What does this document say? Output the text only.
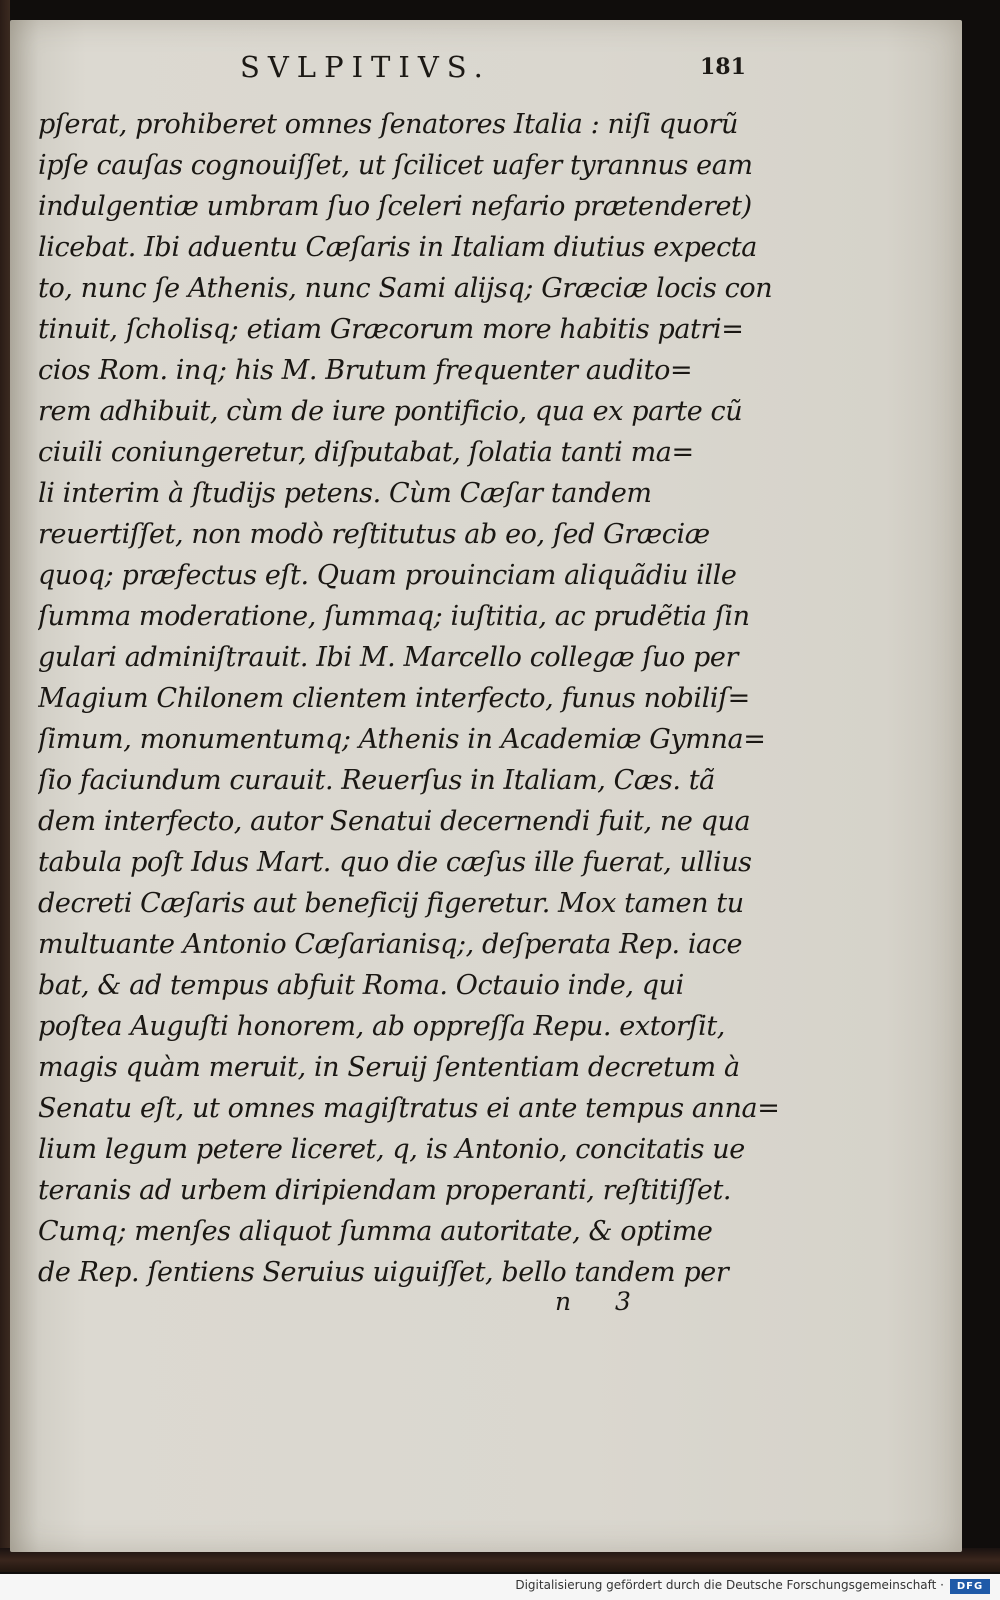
SVLPITIVS.	181
pſerat, prohiberet omnes ſenatores Italia : niſi quorũ
ipſe cauſas cognouiſſet, ut ſcilicet uafer tyrannus eam
indulgentiæ umbram ſuo ſceleri nefario prætenderet)
licebat. Ibi aduentu Cæſaris in Italiam diutius expecta
to, nunc ſe Athenis, nunc Sami alijsq; Græciæ locis con
tinuit, ſcholisq; etiam Græcorum more habitis patri=
cios Rom. inq; his M. Brutum frequenter audito=
rem adhibuit, cùm de iure pontificio, qua ex parte cũ
ciuili coniungeretur, diſputabat, ſolatia tanti ma=
li interim à ſtudijs petens. Cùm Cæſar tandem
reuertiſſet, non modò reſtitutus ab eo, ſed Græciæ
quoq; præfectus eſt. Quam prouinciam aliquãdiu ille
ſumma moderatione, ſummaq; iuſtitia, ac prudẽtia ſin
gulari adminiſtrauit. Ibi M. Marcello collegæ ſuo per
Magium Chilonem clientem interfecto, funus nobiliſ=
ſimum, monumentumq; Athenis in Academiæ Gymna=
ſio faciundum curauit. Reuerſus in Italiam, Cæs. tã
dem interfecto, autor Senatui decernendi fuit, ne qua
tabula poſt Idus Mart. quo die cæſus ille fuerat, ullius
decreti Cæſaris aut beneficij figeretur. Mox tamen tu
multuante Antonio Cæſarianisq;, deſperata Rep. iace
bat, & ad tempus abfuit Roma. Octauio inde, qui
poſtea Auguſti honorem, ab oppreſſa Repu. extorſit,
magis quàm meruit, in Seruij ſententiam decretum à
Senatu eſt, ut omnes magiſtratus ei ante tempus anna=
lium legum petere liceret, q, is Antonio, concitatis ue
teranis ad urbem diripiendam properanti, reſtitiſſet.
Cumq; menſes aliquot ſumma autoritate, & optime
de Rep. ſentiens Seruius uiguiſſet, bello tandem per
n 3
Digitalisierung gefördert durch die Deutsche Forschungsgemeinschaft ·	DFG
